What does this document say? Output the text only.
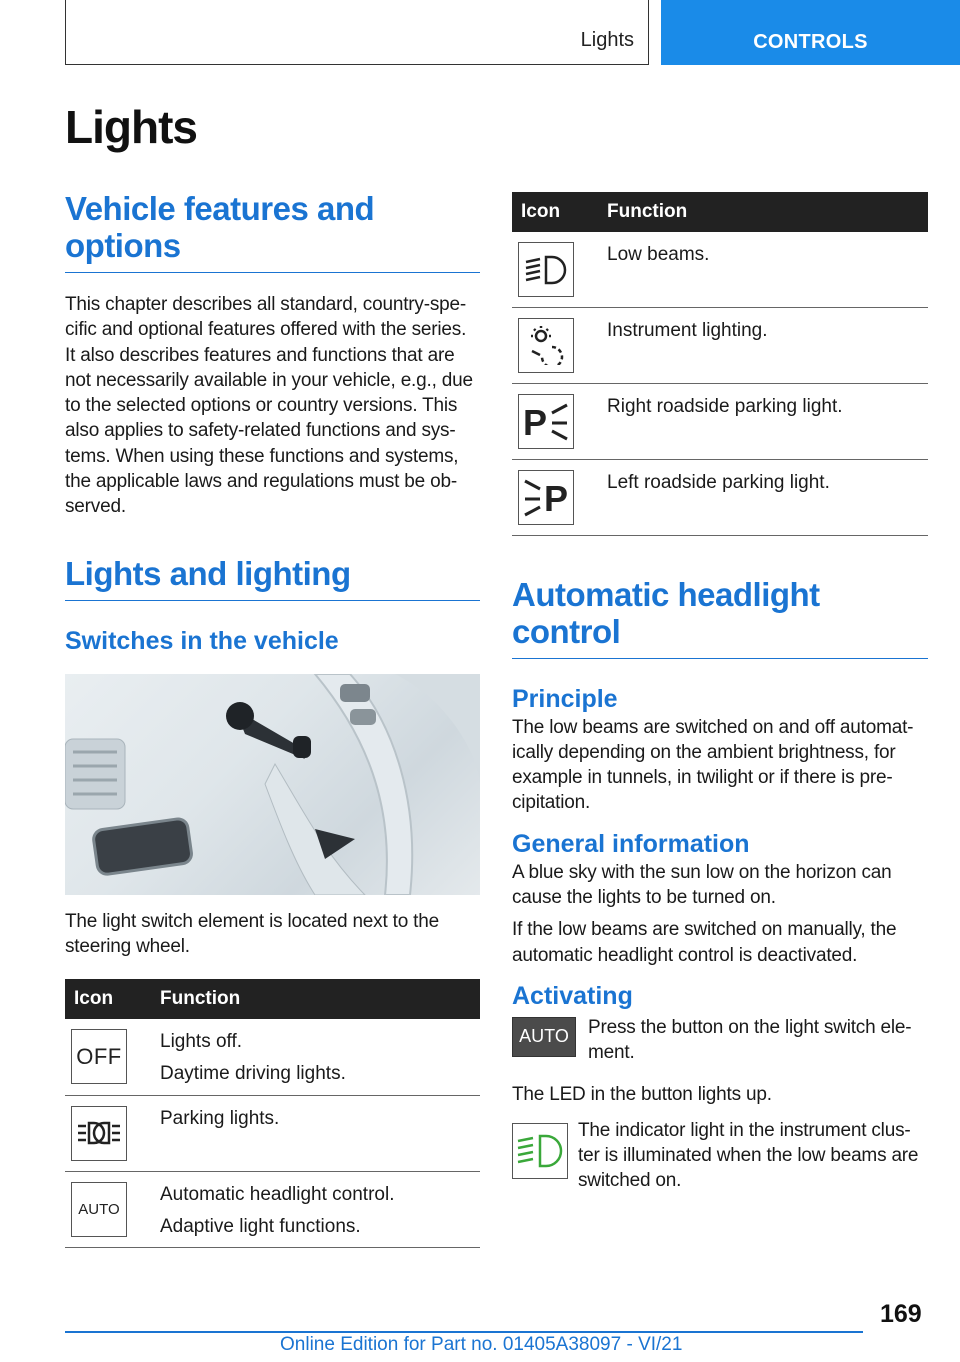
Lights	CONTROLS
Lights
Vehicle features and options

This chapter describes all standard, country-spe-cific and optional features offered with the series. It also describes features and functions that are not necessarily available in your vehicle, e.g., due to the selected options or country versions. This also applies to safety-related functions and sys-tems. When using these functions and systems, the applicable laws and regulations must be ob-served.

Lights and lighting
Switches in the vehicle

The light switch element is located next to the steering wheel.

Icon	Function

OFF	Lights off.
Daytime driving lights.

Parking lights.

AUTO	Automatic headlight control.
Adaptive light functions.
Icon	Function

Low beams.

Instrument lighting.

P	Right roadside parking light.

P	Left roadside parking light.
Automatic headlight control
Principle

The low beams are switched on and off automat-ically depending on the ambient brightness, for example in tunnels, in twilight or if there is pre-cipitation.

General information

A blue sky with the sun low on the horizon can cause the lights to be turned on.

If the low beams are switched on manually, the automatic headlight control is deactivated.

Activating
AUTO Press the button on the light switch ele-ment.

The LED in the button lights up.

The indicator light in the instrument clus-ter is illuminated when the low beams are switched on.

169
Online Edition for Part no. 01405A38097 - VI/21
